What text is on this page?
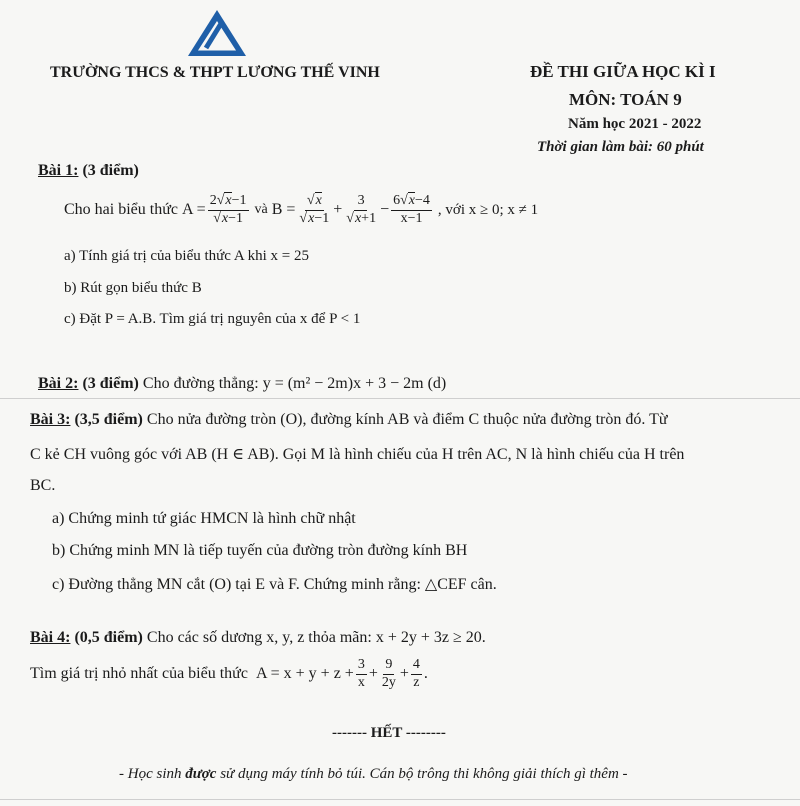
TRƯỜNG THCS & THPT LƯƠNG THẾ VINH	ĐỀ THI GIỮA HỌC KÌ I
MÔN: TOÁN 9
Năm học 2021 - 2022
Thời gian làm bài: 60 phút
Bài 1: (3 điểm)
Cho hai biểu thức
$A = \frac{2√x-1}{√x-1}$
và
$B = \frac{√x}{√x-1} + \frac{3}{√x+1} - \frac{6√x-4}{x-1}$
, với x ≥ 0; x ≠ 1
a) Tính giá trị của biểu thức A khi x = 25
b) Rút gọn biểu thức B
c) Đặt P = A.B. Tìm giá trị nguyên của x để P < 1
Bài 2: (3 điểm) Cho đường thẳng: y = (m² − 2m)x + 3 − 2m (d)
Bài 3: (3,5 điểm) Cho nửa đường tròn (O), đường kính AB và điểm C thuộc nửa đường tròn đó. Từ
C kẻ CH vuông góc với AB (H ∈ AB). Gọi M là hình chiếu của H trên AC, N là hình chiếu của H trên
BC.
a) Chứng minh tứ giác HMCN là hình chữ nhật
b) Chứng minh MN là tiếp tuyến của đường tròn đường kính BH
c) Đường thẳng MN cắt (O) tại E và F. Chứng minh rằng: △CEF cân.
Bài 4: (0,5 điểm) Cho các số dương x, y, z thỏa mãn: x + 2y + 3z ≥ 20.
Tìm giá trị nhỏ nhất của biểu thức
$A = x + y + z + \frac{3}{x} + \frac{9}{2y} + \frac{4}{z}$ .
------- HẾT --------
- Học sinh được sử dụng máy tính bỏ túi. Cán bộ trông thi không giải thích gì thêm -
